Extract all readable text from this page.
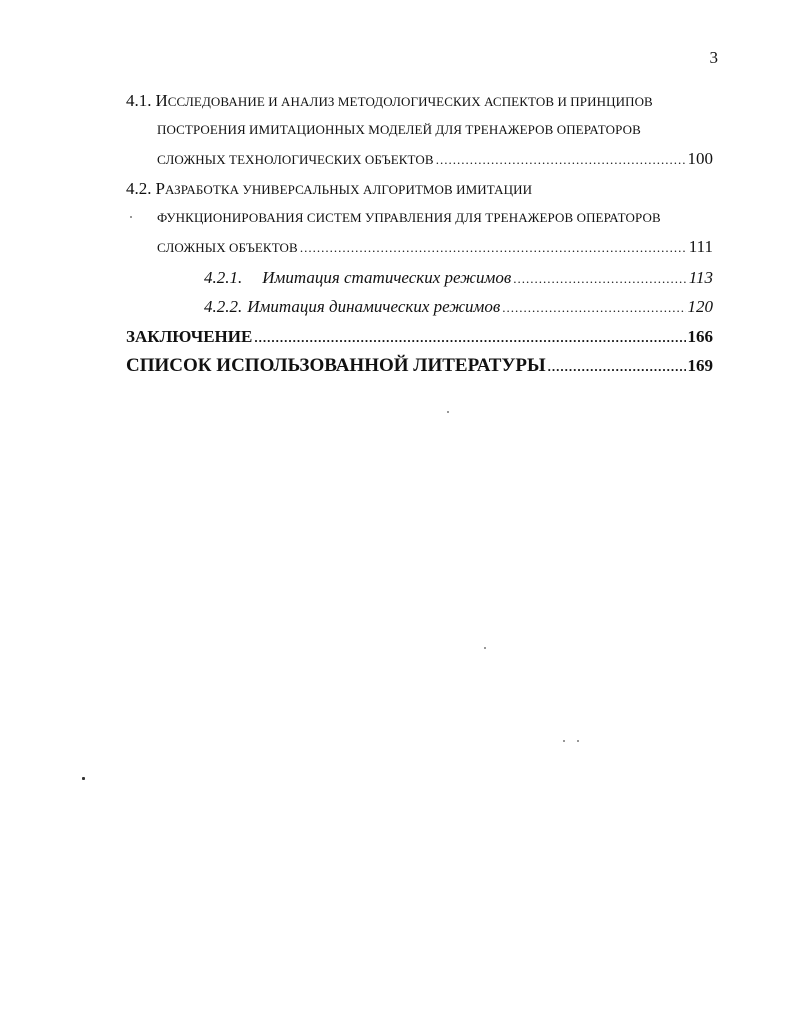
3
4.1. И ССЛЕДОВАНИЕ И АНАЛИЗ МЕТОДОЛОГИЧЕСКИХ АСПЕКТОВ И ПРИНЦИПОВ
ПОСТРОЕНИЯ ИМИТАЦИОННЫХ МОДЕЛЕЙ ДЛЯ ТРЕНАЖЕРОВ ОПЕРАТОРОВ
СЛОЖНЫХ ТЕХНОЛОГИЧЕСКИХ ОБЪЕКТОВ .....	100
4.2. Р АЗРАБОТКА УНИВЕРСАЛЬНЫХ АЛГОРИТМОВ ИМИТАЦИИ
ФУНКЦИОНИРОВАНИЯ СИСТЕМ УПРАВЛЕНИЯ ДЛЯ ТРЕНАЖЕРОВ ОПЕРАТОРОВ
СЛОЖНЫХ ОБЪЕКТОВ .....	111
4.2.1. Имитация статических режимов .....	113
4.2.2. Имитация динамических режимов .....	120
ЗАКЛЮЧЕНИЕ .....	166
СПИСОК ИСПОЛЬЗОВАННОЙ ЛИТЕРАТУРЫ .....	169
